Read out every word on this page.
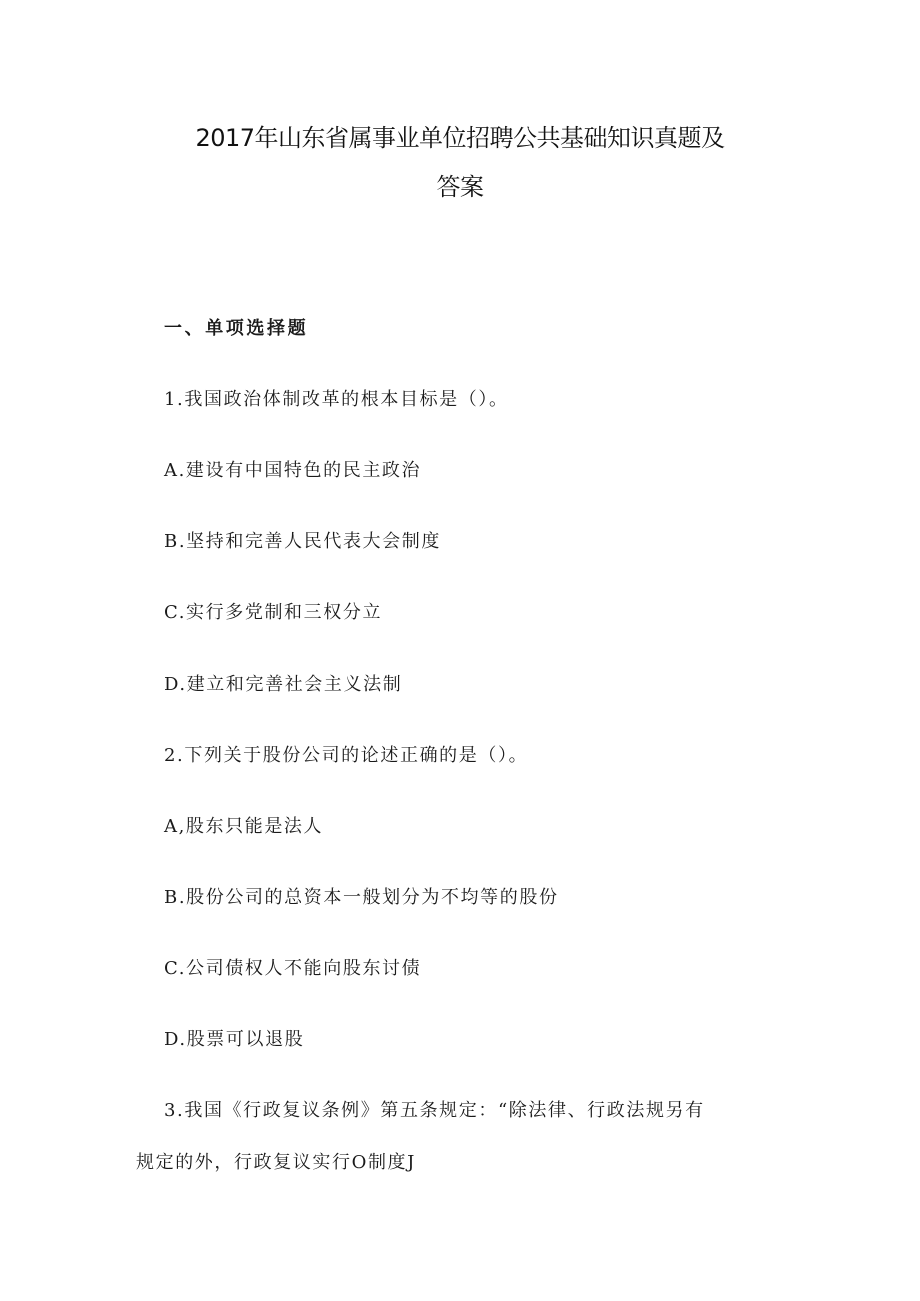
2017年山东省属事业单位招聘公共基础知识真题及
答案

一、单项选择题

1.我国政治体制改革的根本目标是（）。

A.建设有中国特色的民主政治

B.坚持和完善人民代表大会制度

C.实行多党制和三权分立

D.建立和完善社会主义法制

2.下列关于股份公司的论述正确的是（）。

A,股东只能是法人

B.股份公司的总资本一般划分为不均等的股份

C.公司债权人不能向股东讨债

D.股票可以退股

3.我国《行政复议条例》第五条规定：“除法律、行政法规另有

规定的外，行政复议实行O制度J
